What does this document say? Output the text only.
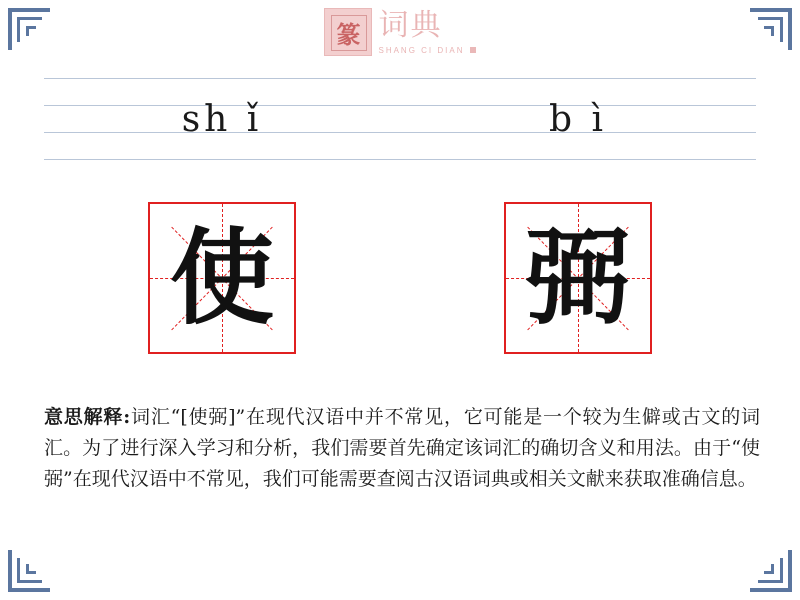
篆 词典
SHANG CI DIAN
sh ǐ	b ì
使 弼
意思解释:词汇“[使弼]”在现代汉语中并不常见，它可能是一个较为生僻或古文的词汇。为了进行深入学习和分析，我们需要首先确定该词汇的确切含义和用法。由于“使弼”在现代汉语中不常见，我们可能需要查阅古汉语词典或相关文献来获取准确信息。
